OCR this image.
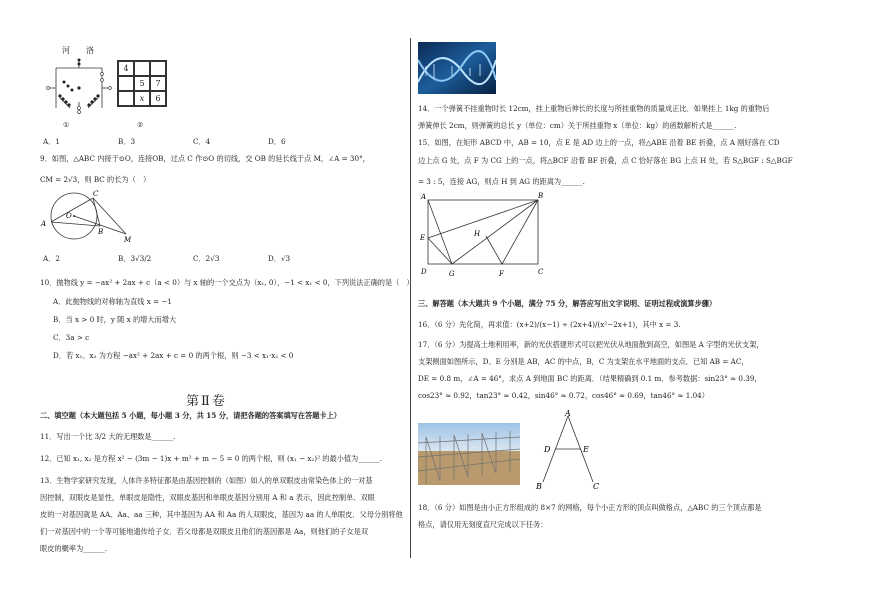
河 洛
①
4
5	7
x	6
②
A．1	B．3	C．4	D．6
9．如图，△ABC 内接于⊙O，连接OB，过点 C 作⊙O 的切线，交 OB 的延长线于点 M，∠A = 30°，
CM = 2√3，则 BC 的长为（　）
C
O
A
B
M
A．2	B．3√3/2	C．2√3	D．√3
10．抛物线 y = −ax² + 2ax + c（a < 0）与 x 轴的一个交点为（x₁, 0），−1 < x₁ < 0，下列说法正确的是（　）
A．此抛物线的对称轴为直线 x = −1
B．当 x > 0 时，y 随 x 的增大而增大
C．3a > c
D．若 x₁、x₂ 为方程 −ax² + 2ax + c = 0 的两个根，则 −3 < x₁·x₂ < 0
第Ⅱ卷
二、填空题（本大题包括 5 小题，每小题 3 分，共 15 分，请把各题的答案填写在答题卡上）
11．写出一个比 3/2 大的无理数是______.
12．已知 x₁, x₂ 是方程 x² − (3m − 1)x + m² + m − 5 = 0 的两个根，则 (x₁ − x₂)² 的最小值为______.
13．生物学家研究发现，人体许多特征都是由基因控制的（如图）如人的单双眼皮由常染色体上的一对基
因控制，双眼皮是显性，单眼皮是隐性，双眼皮基因和单眼皮基因分别用 A 和 a 表示，因此控制单、双眼
皮的一对基因就是 AA、Aa、aa 三种，其中基因为 AA 和 Aa 的人双眼皮，基因为 aa 的人单眼皮．父母分别将他
们一对基因中的一个等可能地遗传给子女．若父母都是双眼皮且他们的基因都是 Aa，则他们的子女是双
眼皮的概率为______.
14．一个弹簧不挂重物时长 12cm，挂上重物后伸长的长度与所挂重物的质量成正比．如果挂上 1kg 的重物后
弹簧伸长 2cm，则弹簧的总长 y（单位：cm）关于所挂重物 x（单位：kg）的函数解析式是______.
15．如图，在矩形 ABCD 中，AB = 10，点 E 是 AD 边上的一点，将△ABE 沿着 BE 折叠，点 A 刚好落在 CD
边上点 G 处，点 F 为 CG 上的一点，将△BCF 沿着 BF 折叠，点 C 恰好落在 BG 上点 H 处，若 S△BGF : S△BGF
= 3 : 5，连接 AG，则点 H 到 AG 的距离为______.
A	B
E	H
D	G	F	C
三、解答题（本大题共 9 个小题，满分 75 分，解答应写出文字说明、证明过程或演算步骤）
16．（6 分）先化简，再求值：(x+2)/(x−1) ÷ (2x+4)/(x²−2x+1)，其中 x = 3.
17．（6 分）为提高土地利用率，新的光伏搭建形式可以把光伏从地面散到高空，如图是 A 字型的光伏支架，
支架侧面如图所示，D、E 分别是 AB，AC 的中点，B，C 为支架在水平地面的支点．已知 AB = AC，
DE = 0.8 m，∠A = 46°，求点 A 到地面 BC 的距离．（结果精确到 0.1 m．参考数据：sin23° ≈ 0.39，
cos23° ≈ 0.92，tan23° ≈ 0.42，sin46° ≈ 0.72，cos46° ≈ 0.69，tan46° ≈ 1.04）
A
D	E
B	C
18．（6 分）如图是由小正方形组成的 8×7 的网格，每个小正方形的顶点叫做格点，△ABC 的三个顶点都是
格点，请仅用无刻度直尺完成以下任务：
